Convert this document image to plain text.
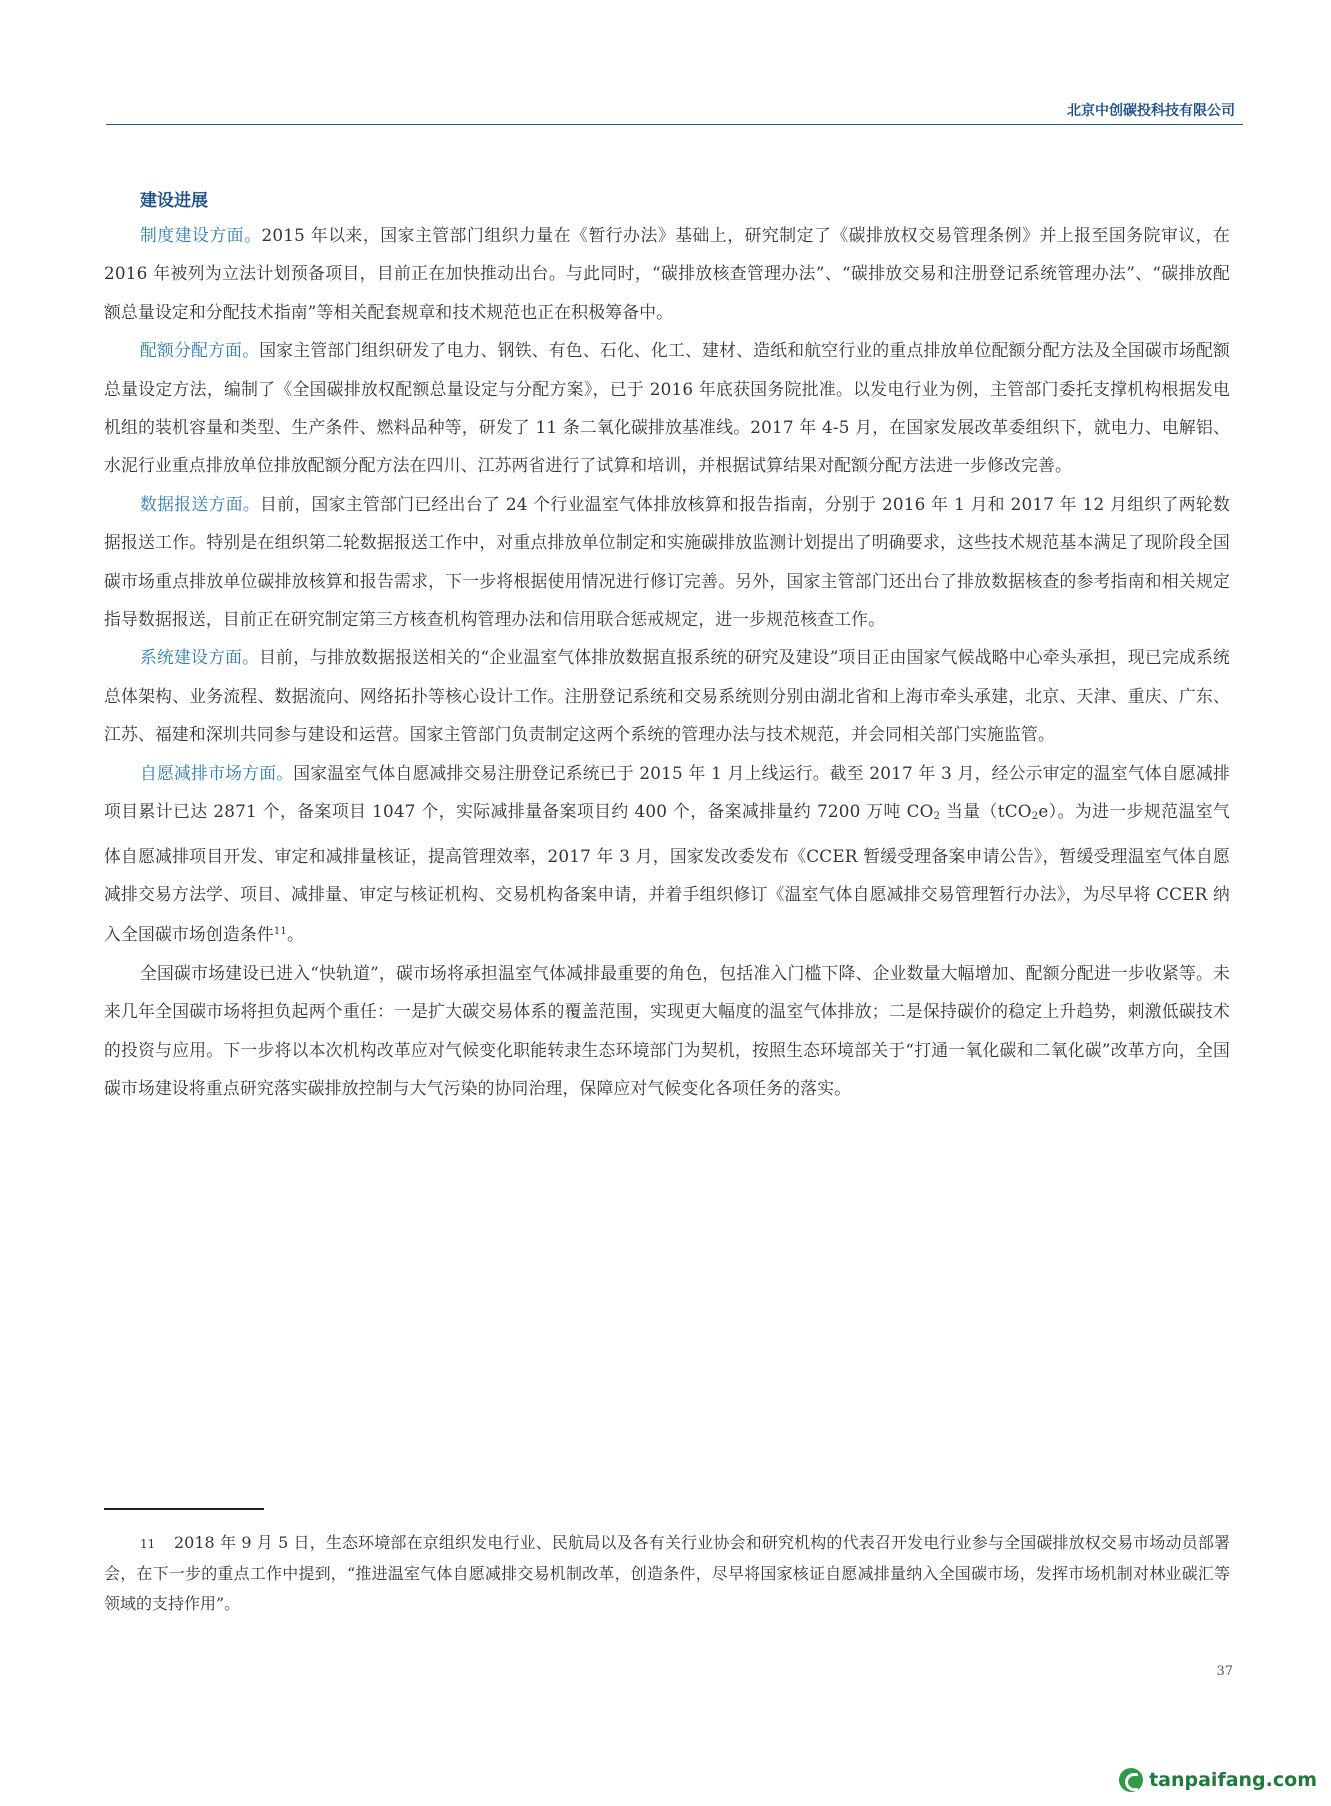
北京中创碳投科技有限公司
建设进展

制度建设方面。2015 年以来，国家主管部门组织力量在《暂行办法》基础上，研究制定了《碳排放权交易管理条例》并上报至国务院审议，在 2016 年被列为立法计划预备项目，目前正在加快推动出台。与此同时，“碳排放核查管理办法”、“碳排放交易和注册登记系统管理办法”、“碳排放配额总量设定和分配技术指南”等相关配套规章和技术规范也正在积极筹备中。

配额分配方面。国家主管部门组织研发了电力、钢铁、有色、石化、化工、建材、造纸和航空行业的重点排放单位配额分配方法及全国碳市场配额总量设定方法，编制了《全国碳排放权配额总量设定与分配方案》，已于 2016 年底获国务院批准。以发电行业为例，主管部门委托支撑机构根据发电机组的装机容量和类型、生产条件、燃料品种等，研发了 11 条二氧化碳排放基准线。2017 年 4-5 月，在国家发展改革委组织下，就电力、电解铝、水泥行业重点排放单位排放配额分配方法在四川、江苏两省进行了试算和培训，并根据试算结果对配额分配方法进一步修改完善。

数据报送方面。目前，国家主管部门已经出台了 24 个行业温室气体排放核算和报告指南，分别于 2016 年 1 月和 2017 年 12 月组织了两轮数据报送工作。特别是在组织第二轮数据报送工作中，对重点排放单位制定和实施碳排放监测计划提出了明确要求，这些技术规范基本满足了现阶段全国碳市场重点排放单位碳排放核算和报告需求，下一步将根据使用情况进行修订完善。另外，国家主管部门还出台了排放数据核查的参考指南和相关规定指导数据报送，目前正在研究制定第三方核查机构管理办法和信用联合惩戒规定，进一步规范核查工作。

系统建设方面。目前，与排放数据报送相关的“企业温室气体排放数据直报系统的研究及建设”项目正由国家气候战略中心牵头承担，现已完成系统总体架构、业务流程、数据流向、网络拓扑等核心设计工作。注册登记系统和交易系统则分别由湖北省和上海市牵头承建，北京、天津、重庆、广东、江苏、福建和深圳共同参与建设和运营。国家主管部门负责制定这两个系统的管理办法与技术规范，并会同相关部门实施监管。

自愿减排市场方面。国家温室气体自愿减排交易注册登记系统已于 2015 年 1 月上线运行。截至 2017 年 3 月，经公示审定的温室气体自愿减排项目累计已达 2871 个，备案项目 1047 个，实际减排量备案项目约 400 个，备案减排量约 7200 万吨 $CO_2$ 当量（tCO$_2$e）。为进一步规范温室气体自愿减排项目开发、审定和减排量核证，提高管理效率，2017 年 3 月，国家发改委发布《CCER 暂缓受理备案申请公告》，暂缓受理温室气体自愿减排交易方法学、项目、减排量、审定与核证机构、交易机构备案申请，并着手组织修订《温室气体自愿减排交易管理暂行办法》，为尽早将 CCER 纳入全国碳市场创造条件$^{11}$。

全国碳市场建设已进入“快轨道”，碳市场将承担温室气体减排最重要的角色，包括准入门槛下降、企业数量大幅增加、配额分配进一步收紧等。未来几年全国碳市场将担负起两个重任：一是扩大碳交易体系的覆盖范围，实现更大幅度的温室气体排放；二是保持碳价的稳定上升趋势，刺激低碳技术的投资与应用。下一步将以本次机构改革应对气候变化职能转隶生态环境部门为契机，按照生态环境部关于“打通一氧化碳和二氧化碳”改革方向，全国碳市场建设将重点研究落实碳排放控制与大气污染的协同治理，保障应对气候变化各项任务的落实。

11 2018 年 9 月 5 日，生态环境部在京组织发电行业、民航局以及各有关行业协会和研究机构的代表召开发电行业参与全国碳排放权交易市场动员部署会，在下一步的重点工作中提到，“推进温室气体自愿减排交易机制改革，创造条件，尽早将国家核证自愿减排量纳入全国碳市场，发挥市场机制对林业碳汇等领域的支持作用”。
37
tanpaifang.com
